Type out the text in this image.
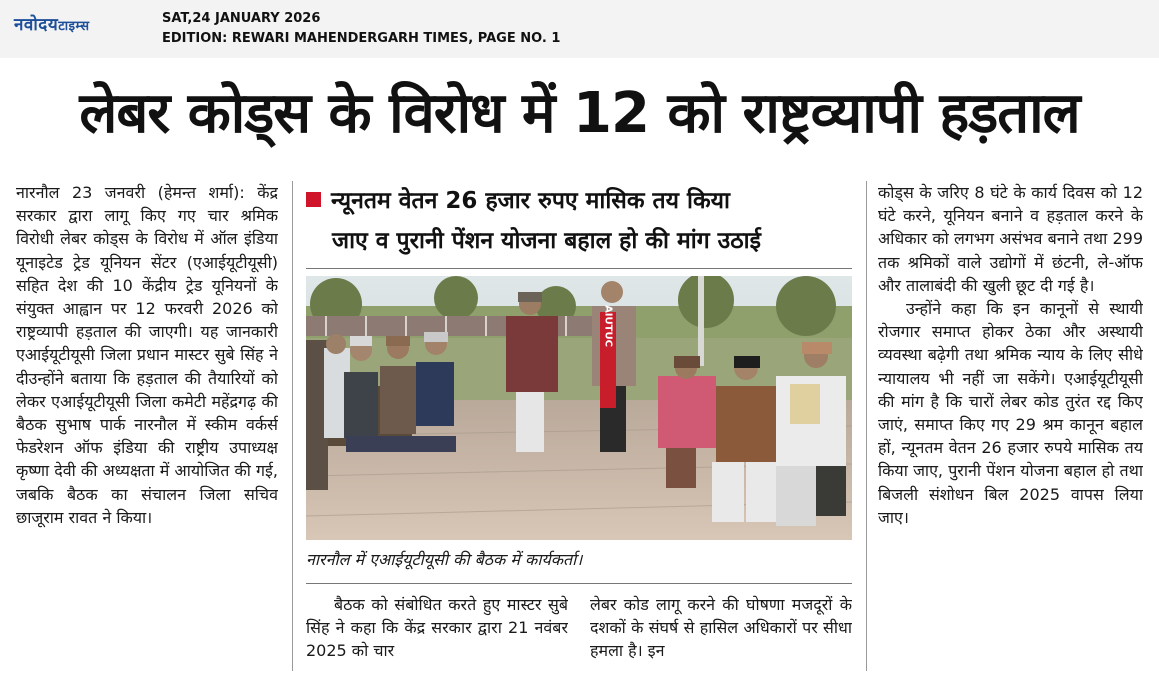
नवोदयटाइम्स
SAT,24 JANUARY 2026
EDITION: REWARI MAHENDERGARH TIMES, PAGE NO. 1
लेबर कोड्स के विरोध में 12 को राष्ट्रव्यापी हड़ताल

नारनौल 23 जनवरी (हेमन्त शर्मा): केंद्र सरकार द्वारा लागू किए गए चार श्रमिक विरोधी लेबर कोड्स के विरोध में ऑल इंडिया यूनाइटेड ट्रेड यूनियन सेंटर (एआईयूटीयूसी) सहित देश की 10 केंद्रीय ट्रेड यूनियनों के संयुक्त आह्वान पर 12 फरवरी 2026 को राष्ट्रव्यापी हड़ताल की जाएगी। यह जानकारी एआईयूटीयूसी जिला प्रधान मास्टर सुबे सिंह ने दीउन्होंने बताया कि हड़ताल की तैयारियों को लेकर एआईयूटीयूसी जिला कमेटी महेंद्रगढ़ की बैठक सुभाष पार्क नारनौल में स्कीम वर्कर्स फेडरेशन ऑफ इंडिया की राष्ट्रीय उपाध्यक्ष कृष्णा देवी की अध्यक्षता में आयोजित की गई, जबकि बैठक का संचालन जिला सचिव छाजूराम रावत ने किया।

न्यूनतम वेतन 26 हजार रुपए मासिक तय किया
जाए व पुरानी पेंशन योजना बहाल हो की मांग उठाई
AIUTUC
नारनौल में एआईयूटीयूसी की बैठक में कार्यकर्ता।

बैठक को संबोधित करते हुए मास्टर सुबे सिंह ने कहा कि केंद्र सरकार द्वारा 21 नवंबर 2025 को चार

लेबर कोड लागू करने की घोषणा मजदूरों के दशकों के संघर्ष से हासिल अधिकारों पर सीधा हमला है। इन

कोड्स के जरिए 8 घंटे के कार्य दिवस को 12 घंटे करने, यूनियन बनाने व हड़ताल करने के अधिकार को लगभग असंभव बनाने तथा 299 तक श्रमिकों वाले उद्योगों में छंटनी, ले-ऑफ और तालाबंदी की खुली छूट दी गई है।

उन्होंने कहा कि इन कानूनों से स्थायी रोजगार समाप्त होकर ठेका और अस्थायी व्यवस्था बढ़ेगी तथा श्रमिक न्याय के लिए सीधे न्यायालय भी नहीं जा सकेंगे। एआईयूटीयूसी की मांग है कि चारों लेबर कोड तुरंत रद्द किए जाएं, समाप्त किए गए 29 श्रम कानून बहाल हों, न्यूनतम वेतन 26 हजार रुपये मासिक तय किया जाए, पुरानी पेंशन योजना बहाल हो तथा बिजली संशोधन बिल 2025 वापस लिया जाए।
